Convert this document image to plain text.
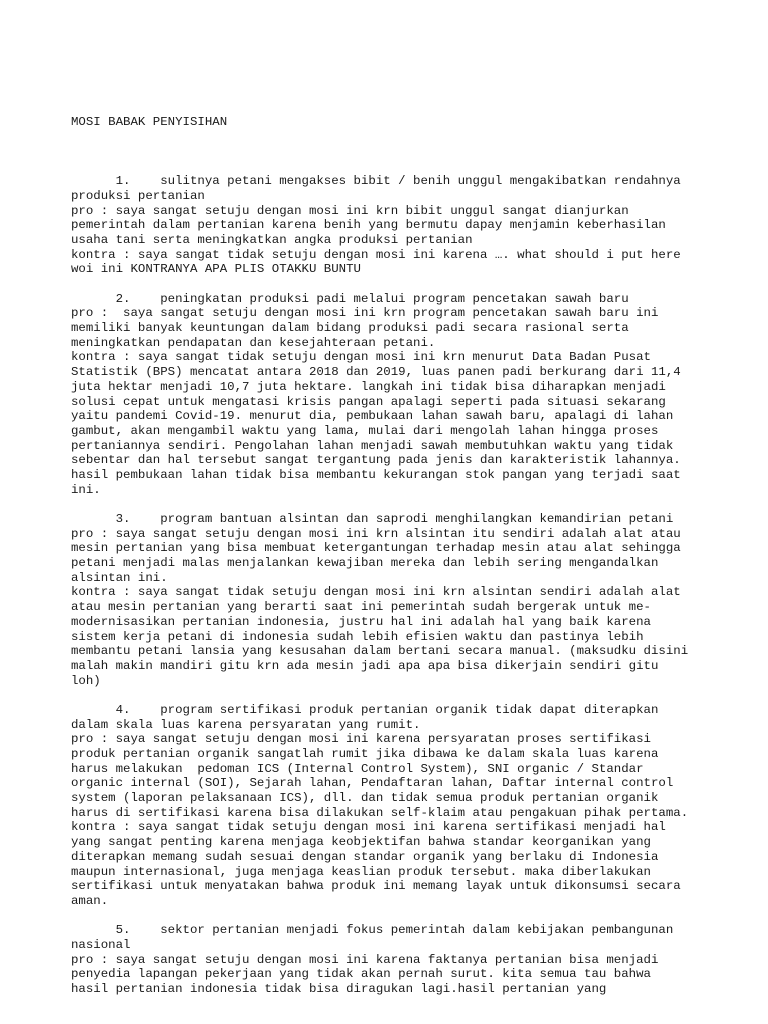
MOSI BABAK PENYISIHAN

1.    sulitnya petani mengakses bibit / benih unggul mengakibatkan rendahnya
produksi pertanian
pro : saya sangat setuju dengan mosi ini krn bibit unggul sangat dianjurkan
pemerintah dalam pertanian karena benih yang bermutu dapay menjamin keberhasilan
usaha tani serta meningkatkan angka produksi pertanian
kontra : saya sangat tidak setuju dengan mosi ini karena …. what should i put here
woi ini KONTRANYA APA PLIS OTAKKU BUNTU
2.    peningkatan produksi padi melalui program pencetakan sawah baru
pro :  saya sangat setuju dengan mosi ini krn program pencetakan sawah baru ini
memiliki banyak keuntungan dalam bidang produksi padi secara rasional serta
meningkatkan pendapatan dan kesejahteraan petani.
kontra : saya sangat tidak setuju dengan mosi ini krn menurut Data Badan Pusat
Statistik (BPS) mencatat antara 2018 dan 2019, luas panen padi berkurang dari 11,4
juta hektar menjadi 10,7 juta hektare. langkah ini tidak bisa diharapkan menjadi
solusi cepat untuk mengatasi krisis pangan apalagi seperti pada situasi sekarang
yaitu pandemi Covid-19. menurut dia, pembukaan lahan sawah baru, apalagi di lahan
gambut, akan mengambil waktu yang lama, mulai dari mengolah lahan hingga proses
pertaniannya sendiri. Pengolahan lahan menjadi sawah membutuhkan waktu yang tidak
sebentar dan hal tersebut sangat tergantung pada jenis dan karakteristik lahannya.
hasil pembukaan lahan tidak bisa membantu kekurangan stok pangan yang terjadi saat
ini.
3.    program bantuan alsintan dan saprodi menghilangkan kemandirian petani
pro : saya sangat setuju dengan mosi ini krn alsintan itu sendiri adalah alat atau
mesin pertanian yang bisa membuat ketergantungan terhadap mesin atau alat sehingga
petani menjadi malas menjalankan kewajiban mereka dan lebih sering mengandalkan
alsintan ini.
kontra : saya sangat tidak setuju dengan mosi ini krn alsintan sendiri adalah alat
atau mesin pertanian yang berarti saat ini pemerintah sudah bergerak untuk me-
modernisasikan pertanian indonesia, justru hal ini adalah hal yang baik karena
sistem kerja petani di indonesia sudah lebih efisien waktu dan pastinya lebih
membantu petani lansia yang kesusahan dalam bertani secara manual. (maksudku disini
malah makin mandiri gitu krn ada mesin jadi apa apa bisa dikerjain sendiri gitu
loh)
4.    program sertifikasi produk pertanian organik tidak dapat diterapkan
dalam skala luas karena persyaratan yang rumit.
pro : saya sangat setuju dengan mosi ini karena persyaratan proses sertifikasi
produk pertanian organik sangatlah rumit jika dibawa ke dalam skala luas karena
harus melakukan  pedoman ICS (Internal Control System), SNI organic / Standar
organic internal (SOI), Sejarah lahan, Pendaftaran lahan, Daftar internal control
system (laporan pelaksanaan ICS), dll. dan tidak semua produk pertanian organik
harus di sertifikasi karena bisa dilakukan self-klaim atau pengakuan pihak pertama.
kontra : saya sangat tidak setuju dengan mosi ini karena sertifikasi menjadi hal
yang sangat penting karena menjaga keobjektifan bahwa standar keorganikan yang
diterapkan memang sudah sesuai dengan standar organik yang berlaku di Indonesia
maupun internasional, juga menjaga keaslian produk tersebut. maka diberlakukan
sertifikasi untuk menyatakan bahwa produk ini memang layak untuk dikonsumsi secara
aman.
5.    sektor pertanian menjadi fokus pemerintah dalam kebijakan pembangunan
nasional
pro : saya sangat setuju dengan mosi ini karena faktanya pertanian bisa menjadi
penyedia lapangan pekerjaan yang tidak akan pernah surut. kita semua tau bahwa
hasil pertanian indonesia tidak bisa diragukan lagi.hasil pertanian yang
